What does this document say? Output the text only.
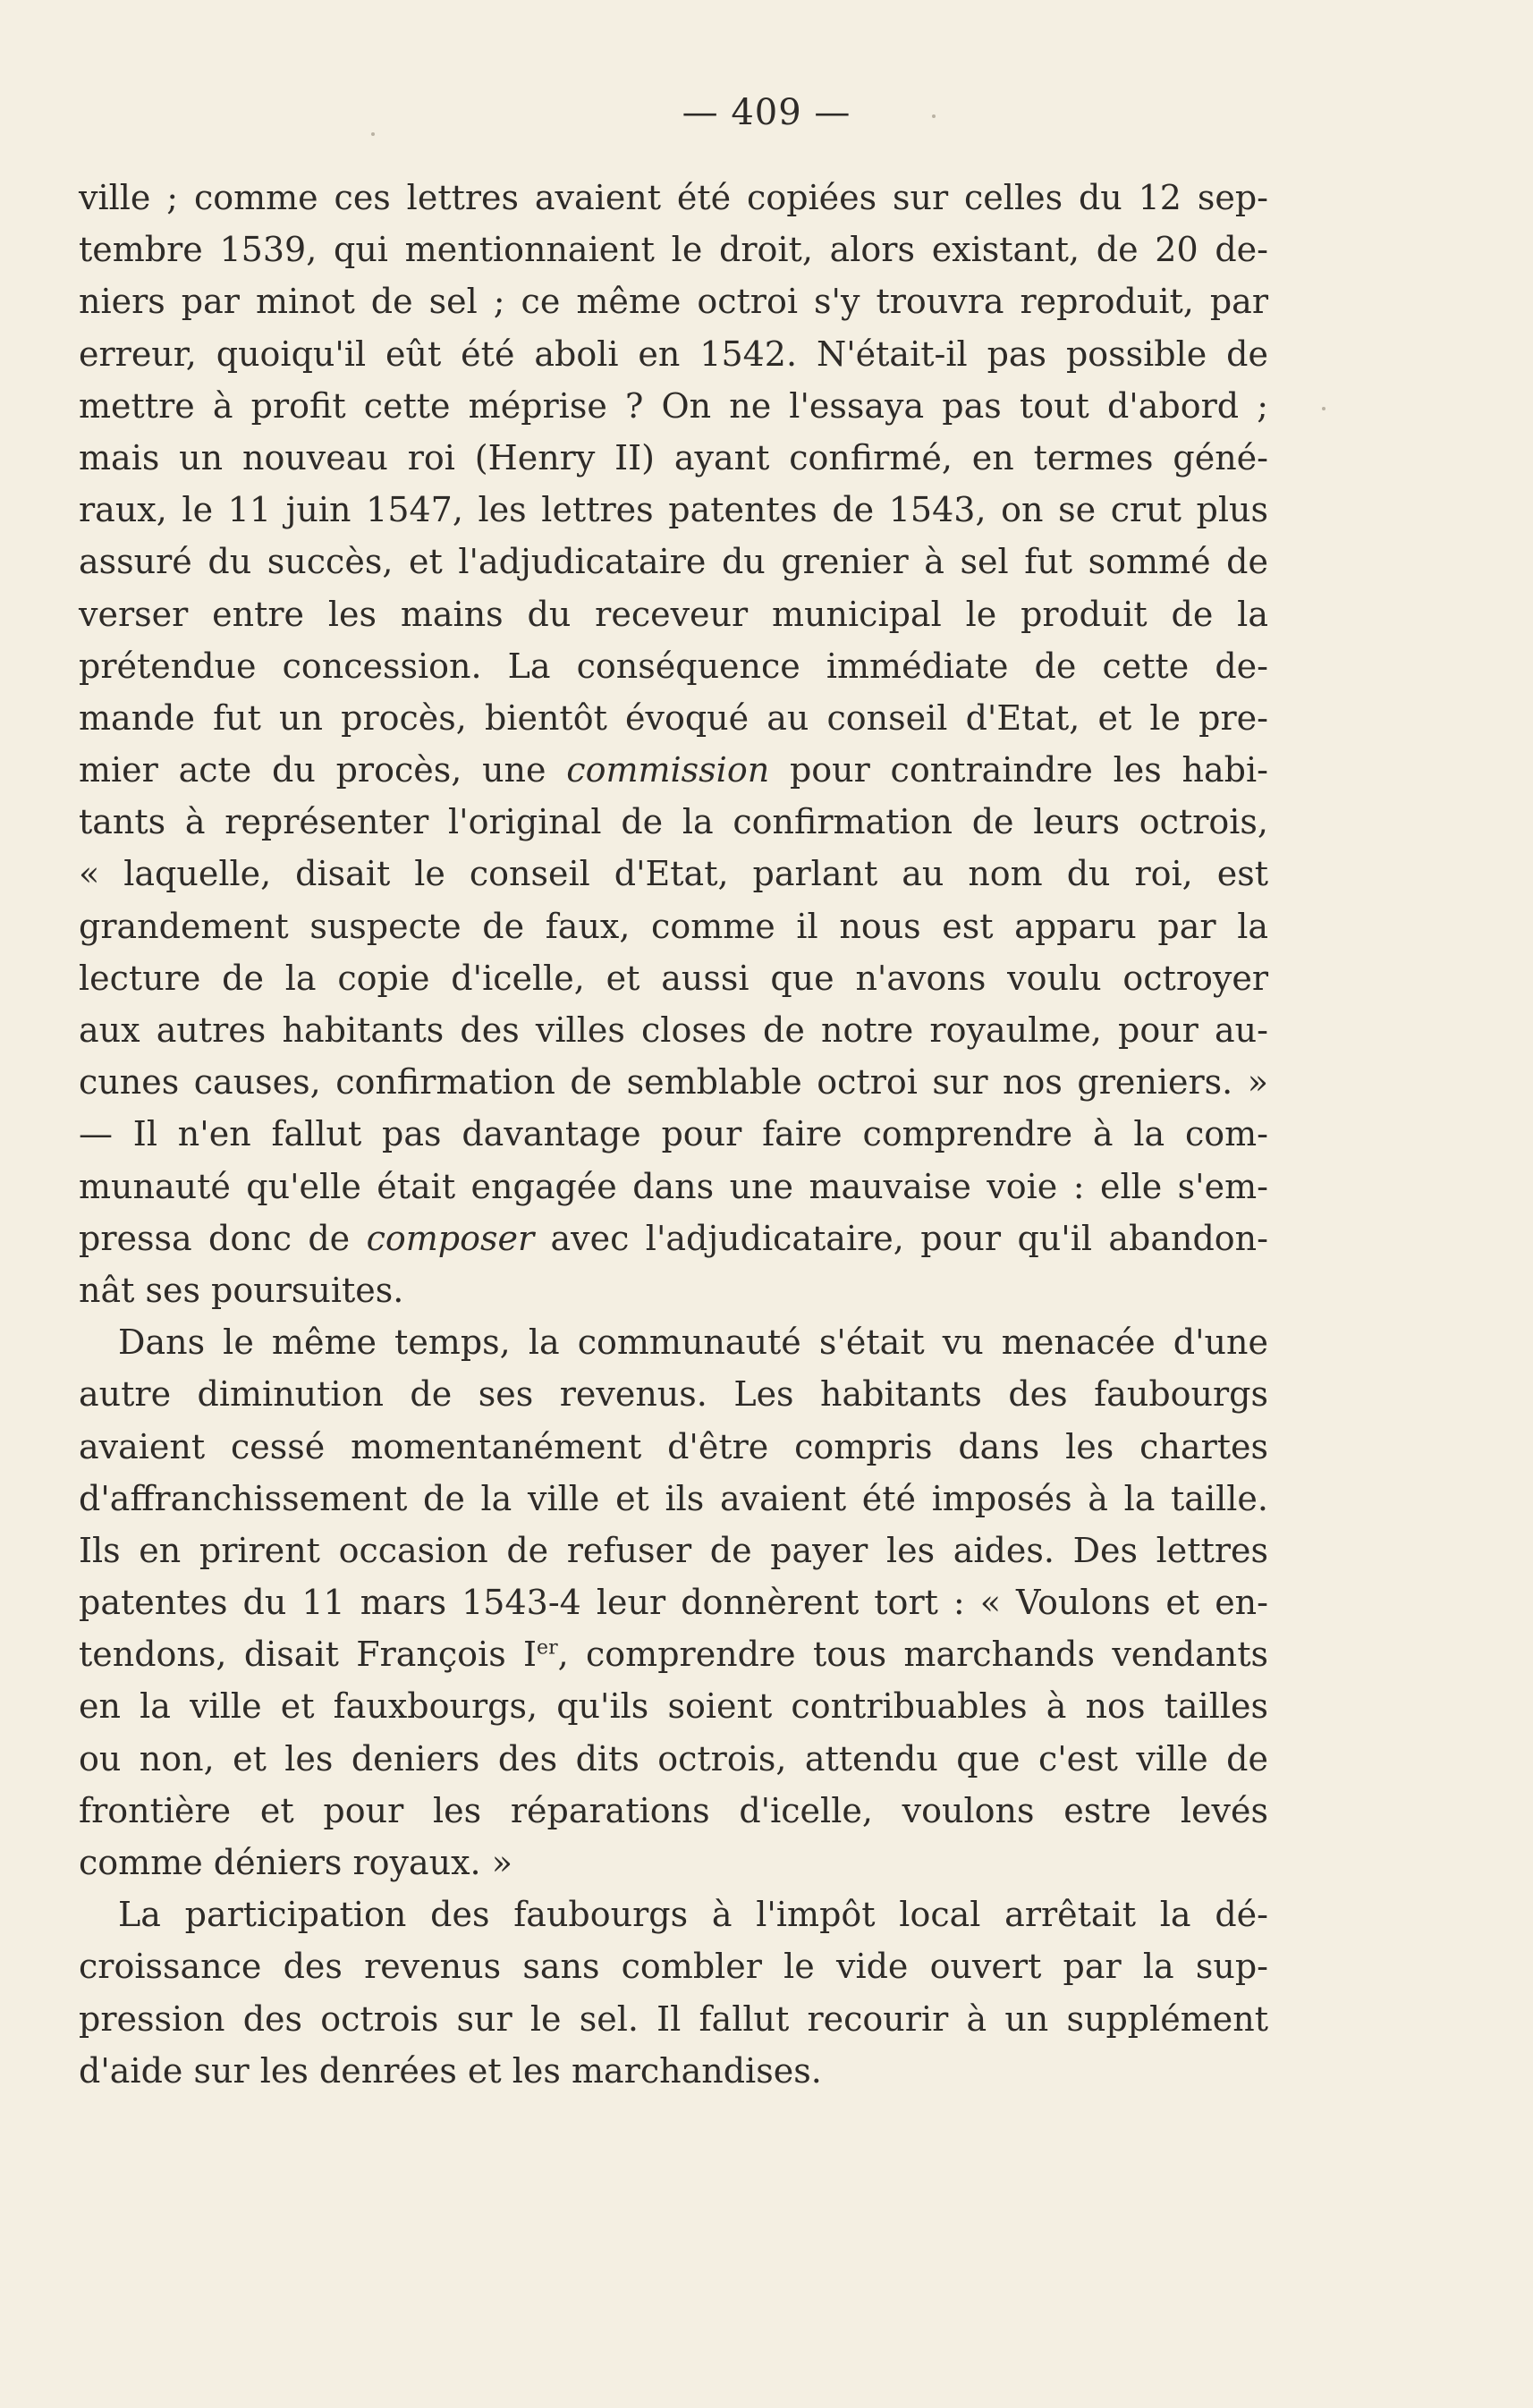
— 409 —
ville ; comme ces lettres avaient été copiées sur celles du 12 sep-
tembre 1539, qui mentionnaient le droit, alors existant, de 20 de-
niers par minot de sel ; ce même octroi s'y trouvra reproduit, par
erreur, quoiqu'il eût été aboli en 1542. N'était-il pas possible de
mettre à profit cette méprise ? On ne l'essaya pas tout d'abord ;
mais un nouveau roi (Henry II) ayant confirmé, en termes géné-
raux, le 11 juin 1547, les lettres patentes de 1543, on se crut plus
assuré du succès, et l'adjudicataire du grenier à sel fut sommé de
verser entre les mains du receveur municipal le produit de la
prétendue concession. La conséquence immédiate de cette de-
mande fut un procès, bientôt évoqué au conseil d'Etat, et le pre-
mier acte du procès, une commission pour contraindre les habi-
tants à représenter l'original de la confirmation de leurs octrois,
« laquelle, disait le conseil d'Etat, parlant au nom du roi, est
grandement suspecte de faux, comme il nous est apparu par la
lecture de la copie d'icelle, et aussi que n'avons voulu octroyer
aux autres habitants des villes closes de notre royaulme, pour au-
cunes causes, confirmation de semblable octroi sur nos greniers. »
— Il n'en fallut pas davantage pour faire comprendre à la com-
munauté qu'elle était engagée dans une mauvaise voie : elle s'em-
pressa donc de composer avec l'adjudicataire, pour qu'il abandon-
nât ses poursuites.
Dans le même temps, la communauté s'était vu menacée d'une
autre diminution de ses revenus. Les habitants des faubourgs
avaient cessé momentanément d'être compris dans les chartes
d'affranchissement de la ville et ils avaient été imposés à la taille.
Ils en prirent occasion de refuser de payer les aides. Des lettres
patentes du 11 mars 1543-4 leur donnèrent tort : « Voulons et en-
tendons, disait François Ier, comprendre tous marchands vendants
en la ville et fauxbourgs, qu'ils soient contribuables à nos tailles
ou non, et les deniers des dits octrois, attendu que c'est ville de
frontière et pour les réparations d'icelle, voulons estre levés
comme déniers royaux. »
La participation des faubourgs à l'impôt local arrêtait la dé-
croissance des revenus sans combler le vide ouvert par la sup-
pression des octrois sur le sel. Il fallut recourir à un supplément
d'aide sur les denrées et les marchandises.
